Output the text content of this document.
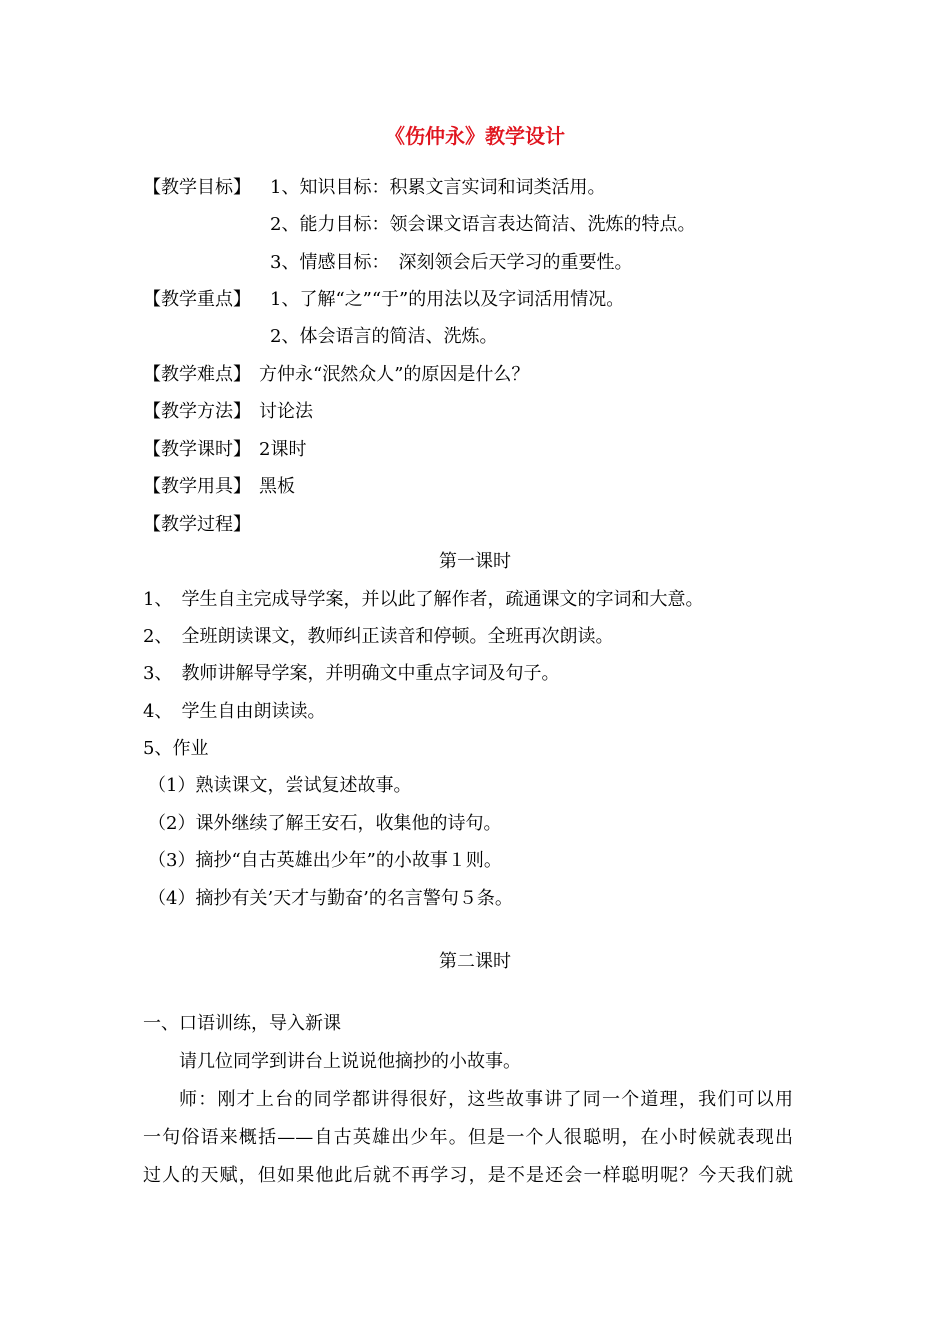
《伤仲永》教学设计
【教学目标】 1、知识目标：积累文言实词和词类活用。
2、能力目标：领会课文语言表达简洁、洗炼的特点。
3、情感目标：　深刻领会后天学习的重要性。
【教学重点】 1、了解“之”“于”的用法以及字词活用情况。
2、体会语言的简洁、洗炼。
【教学难点】 方仲永“泯然众人”的原因是什么？
【教学方法】 讨论法
【教学课时】 2课时
【教学用具】 黑板
【教学过程】
第一课时
1、　学生自主完成导学案，并以此了解作者，疏通课文的字词和大意。
2、　全班朗读课文，教师纠正读音和停顿。全班再次朗读。
3、　教师讲解导学案，并明确文中重点字词及句子。
4、　学生自由朗读读。
5、作业
（1）熟读课文，尝试复述故事。
（2）课外继续了解王安石，收集他的诗句。
（3）摘抄“自古英雄出少年”的小故事１则。
（4）摘抄有关’天才与勤奋’的名言警句５条。
第二课时
一、口语训练，导入新课
请几位同学到讲台上说说他摘抄的小故事。
师：刚才上台的同学都讲得很好，这些故事讲了同一个道理，我们可以用
一句俗语来概括——自古英雄出少年。但是一个人很聪明，在小时候就表现出
过人的天赋，但如果他此后就不再学习，是不是还会一样聪明呢？今天我们就
